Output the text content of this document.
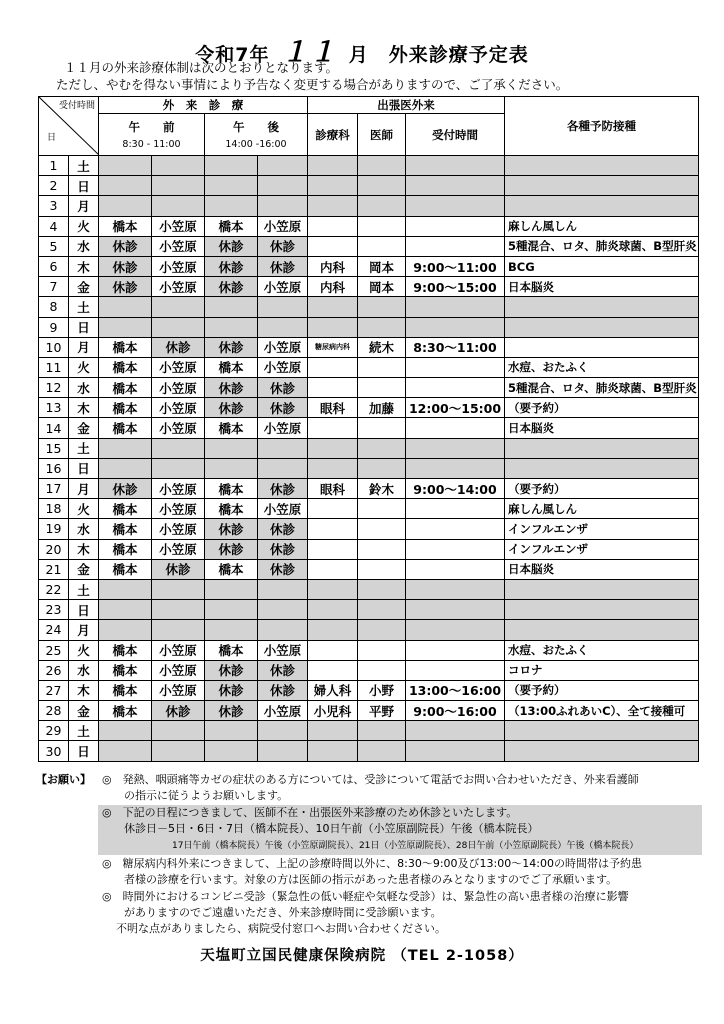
令和7年 １１ 月　外来診療予定表
１１月の外来診療体制は次のとおりとなります。
ただし、やむを得ない事情により予告なく変更する場合がありますので、ご了承ください。
受付時間
日		外　来　診　療				出張医外来			各種予防接種
		午　　前
8:30 - 11:00		午　　後
14:00 -16:00		診療科	医師	受付時間	

1	土								
2	日								
3	月								
4	火	橋本	小笠原	橋本	小笠原				麻しん風しん
5	水	休診	小笠原	休診	休診				5種混合、ロタ、肺炎球菌、B型肝炎
6	木	休診	小笠原	休診	休診	内科	岡本	9:00～11:00	BCG
7	金	休診	小笠原	休診	小笠原	内科	岡本	9:00～15:00	日本脳炎
8	土								
9	日								
10	月	橋本	休診	休診	小笠原	糖尿病内科	続木	8:30～11:00	
11	火	橋本	小笠原	橋本	小笠原				水痘、おたふく
12	水	橋本	小笠原	休診	休診				5種混合、ロタ、肺炎球菌、B型肝炎
13	木	橋本	小笠原	休診	休診	眼科	加藤	12:00～15:00	（要予約）
14	金	橋本	小笠原	橋本	小笠原				日本脳炎
15	土								
16	日								
17	月	休診	小笠原	橋本	休診	眼科	鈴木	9:00～14:00	（要予約）
18	火	橋本	小笠原	橋本	小笠原				麻しん風しん
19	水	橋本	小笠原	休診	休診				インフルエンザ
20	木	橋本	小笠原	休診	休診				インフルエンザ
21	金	橋本	休診	橋本	休診				日本脳炎
22	土								
23	日								
24	月								
25	火	橋本	小笠原	橋本	小笠原				水痘、おたふく
26	水	橋本	小笠原	休診	休診				コロナ
27	木	橋本	小笠原	休診	休診	婦人科	小野	13:00～16:00	（要予約）
28	金	橋本	休診	休診	小笠原	小児科	平野	9:00～16:00	（13:00ふれあいC）、全て接種可
29	土								
30	日								
【お願い】 ◎　発熱、咽頭痛等カゼの症状のある方については、受診について電話でお問い合わせいただき、外来看護師
の指示に従うようお願いします。
◎　下記の日程につきまして、医師不在・出張医外来診療のため休診といたします。
休診日－5日・6日・7日（橋本院長）、10日午前（小笠原副院長）午後（橋本院長）
17日午前（橋本院長）午後（小笠原副院長）、21日（小笠原副院長）、28日午前（小笠原副院長）午後（橋本院長）
◎　糖尿病内科外来につきまして、上記の診療時間以外に、8:30～9:00及び13:00～14:00の時間帯は予約患
者様の診療を行います。対象の方は医師の指示があった患者様のみとなりますのでご了承願います。
◎　時間外におけるコンビニ受診（緊急性の低い軽症や気軽な受診）は、緊急性の高い患者様の治療に影響
がありますのでご遠慮いただき、外来診療時間に受診願います。
不明な点がありましたら、病院受付窓口へお問い合わせください。
天塩町立国民健康保険病院 （TEL 2-1058）
